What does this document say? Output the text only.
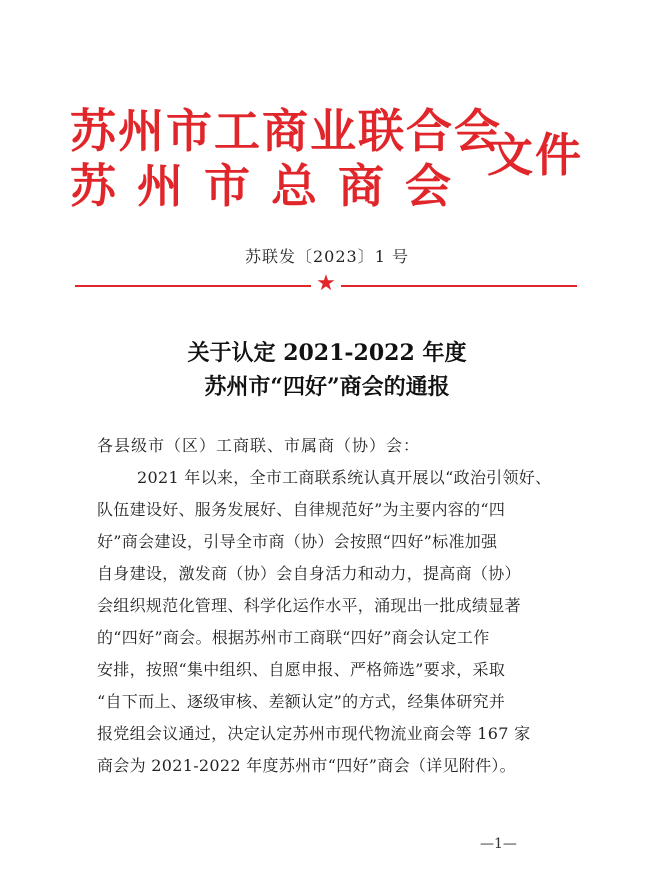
苏州市工商业联合会
苏州市总商会
文件
苏联发〔2023〕1 号
★
关于认定 2021-2022 年度
苏州市“四好”商会的通报
各县级市（区）工商联、市属商（协）会：
2021 年以来，全市工商联系统认真开展以“政治引领好、
队伍建设好、服务发展好、自律规范好”为主要内容的“四
好”商会建设，引导全市商（协）会按照“四好”标准加强
自身建设，激发商（协）会自身活力和动力，提高商（协）
会组织规范化管理、科学化运作水平，涌现出一批成绩显著
的“四好”商会。根据苏州市工商联“四好”商会认定工作
安排，按照“集中组织、自愿申报、严格筛选”要求，采取
“自下而上、逐级审核、差额认定”的方式，经集体研究并
报党组会议通过，决定认定苏州市现代物流业商会等 167 家
商会为 2021-2022 年度苏州市“四好”商会（详见附件）。
—1—
